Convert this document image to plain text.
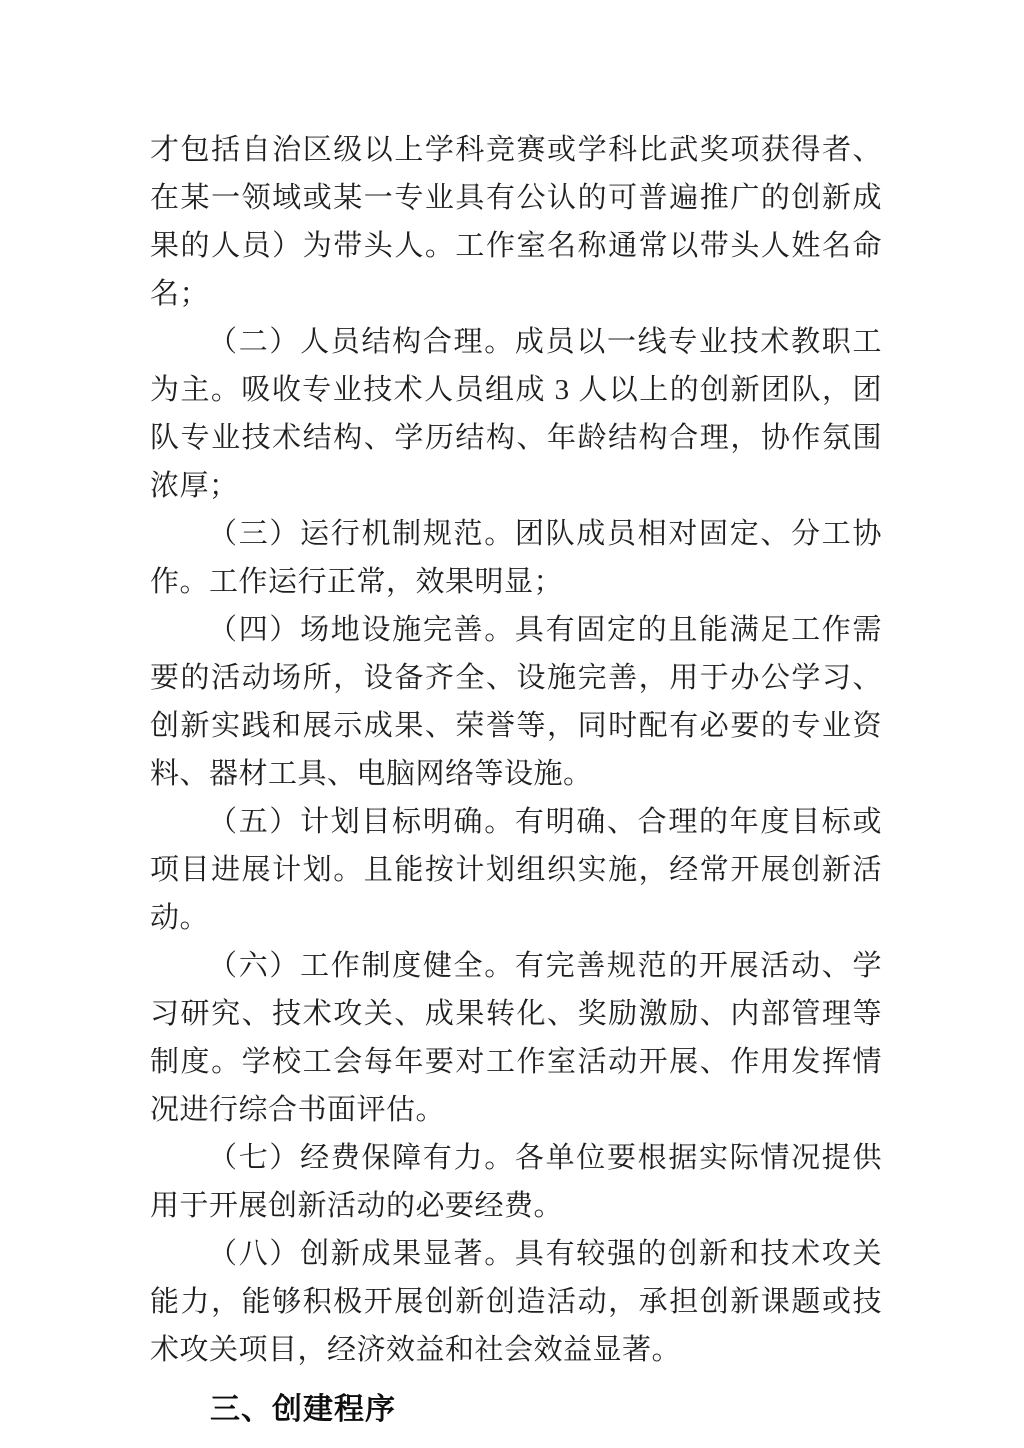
才包括自治区级以上学科竞赛或学科比武奖项获得者、在某一领域或某一专业具有公认的可普遍推广的创新成果的人员）为带头人。工作室名称通常以带头人姓名命名；

（二）人员结构合理。成员以一线专业技术教职工为主。吸收专业技术人员组成 3 人以上的创新团队，团队专业技术结构、学历结构、年龄结构合理，协作氛围浓厚；

（三）运行机制规范。团队成员相对固定、分工协作。工作运行正常，效果明显；

（四）场地设施完善。具有固定的且能满足工作需要的活动场所，设备齐全、设施完善，用于办公学习、创新实践和展示成果、荣誉等，同时配有必要的专业资料、器材工具、电脑网络等设施。

（五）计划目标明确。有明确、合理的年度目标或项目进展计划。且能按计划组织实施，经常开展创新活动。

（六）工作制度健全。有完善规范的开展活动、学习研究、技术攻关、成果转化、奖励激励、内部管理等制度。学校工会每年要对工作室活动开展、作用发挥情况进行综合书面评估。

（七）经费保障有力。各单位要根据实际情况提供用于开展创新活动的必要经费。

（八）创新成果显著。具有较强的创新和技术攻关能力，能够积极开展创新创造活动，承担创新课题或技术攻关项目，经济效益和社会效益显著。

三、创建程序
